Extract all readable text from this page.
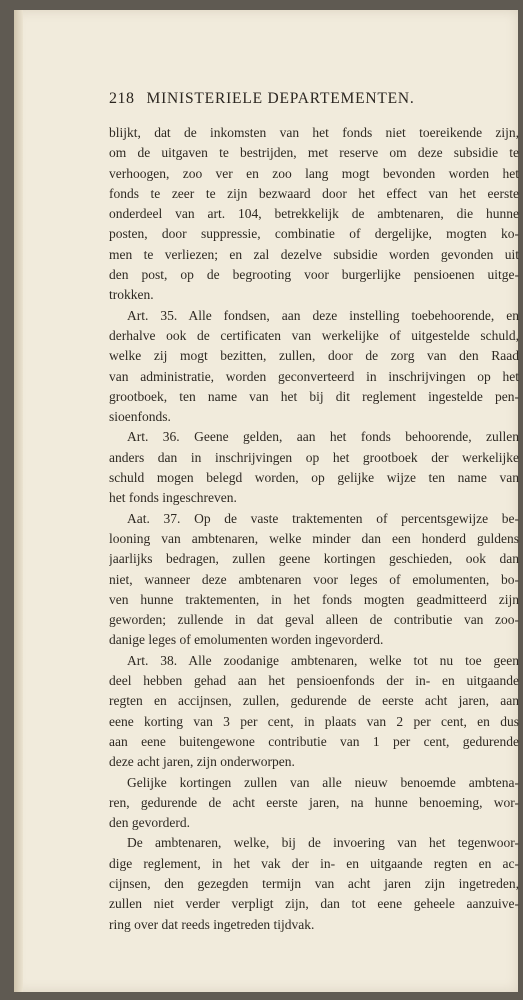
218 MINISTERIELE DEPARTEMENTEN.
blijkt, dat de inkomsten van het fonds niet toereikende zijn,
om de uitgaven te bestrijden, met reserve om deze subsidie te
verhoogen, zoo ver en zoo lang mogt bevonden worden het
fonds te zeer te zijn bezwaard door het effect van het eerste
onderdeel van art. 104, betrekkelijk de ambtenaren, die hunne
posten, door suppressie, combinatie of dergelijke, mogten ko-
men te verliezen; en zal dezelve subsidie worden gevonden uit
den post, op de begrooting voor burgerlijke pensioenen uitge-
trokken.
Art. 35. Alle fondsen, aan deze instelling toebehoorende, en
derhalve ook de certificaten van werkelijke of uitgestelde schuld,
welke zij mogt bezitten, zullen, door de zorg van den Raad
van administratie, worden geconverteerd in inschrijvingen op het
grootboek, ten name van het bij dit reglement ingestelde pen-
sioenfonds.
Art. 36. Geene gelden, aan het fonds behoorende, zullen
anders dan in inschrijvingen op het grootboek der werkelijke
schuld mogen belegd worden, op gelijke wijze ten name van
het fonds ingeschreven.
Aat. 37. Op de vaste traktementen of percentsgewijze be-
looning van ambtenaren, welke minder dan een honderd guldens
jaarlijks bedragen, zullen geene kortingen geschieden, ook dan
niet, wanneer deze ambtenaren voor leges of emolumenten, bo-
ven hunne traktementen, in het fonds mogten geadmitteerd zijn
geworden; zullende in dat geval alleen de contributie van zoo-
danige leges of emolumenten worden ingevorderd.
Art. 38. Alle zoodanige ambtenaren, welke tot nu toe geen
deel hebben gehad aan het pensioenfonds der in- en uitgaande
regten en accijnsen, zullen, gedurende de eerste acht jaren, aan
eene korting van 3 per cent, in plaats van 2 per cent, en dus
aan eene buitengewone contributie van 1 per cent, gedurende
deze acht jaren, zijn onderworpen.
Gelijke kortingen zullen van alle nieuw benoemde ambtena-
ren, gedurende de acht eerste jaren, na hunne benoeming, wor-
den gevorderd.
De ambtenaren, welke, bij de invoering van het tegenwoor-
dige reglement, in het vak der in- en uitgaande regten en ac-
cijnsen, den gezegden termijn van acht jaren zijn ingetreden,
zullen niet verder verpligt zijn, dan tot eene geheele aanzuive-
ring over dat reeds ingetreden tijdvak.
